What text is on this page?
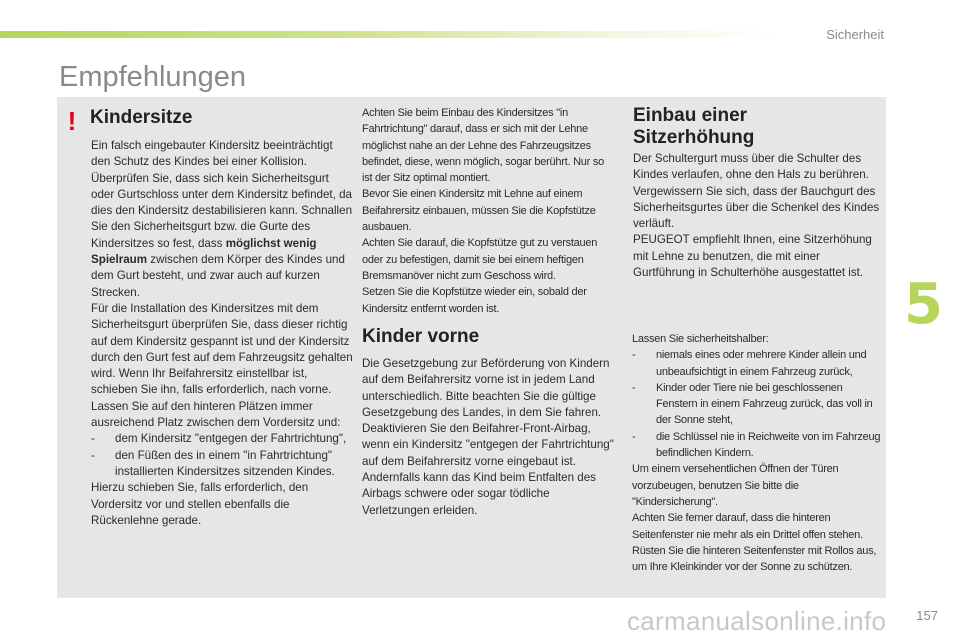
Sicherheit
Empfehlungen
! Kindersitze

Ein falsch eingebauter Kindersitz beeinträchtigt den Schutz des Kindes bei einer Kollision. Überprüfen Sie, dass sich kein Sicherheitsgurt oder Gurtschloss unter dem Kindersitz befindet, da dies den Kindersitz destabilisieren kann. Schnallen Sie den Sicherheitsgurt bzw. die Gurte des Kindersitzes so fest, dass möglichst wenig Spielraum zwischen dem Körper des Kindes und dem Gurt besteht, und zwar auch auf kurzen Strecken.

Für die Installation des Kindersitzes mit dem Sicherheitsgurt überprüfen Sie, dass dieser richtig auf dem Kindersitz gespannt ist und der Kindersitz durch den Gurt fest auf dem Fahrzeugsitz gehalten wird. Wenn Ihr Beifahrersitz einstellbar ist, schieben Sie ihn, falls erforderlich, nach vorne.

Lassen Sie auf den hinteren Plätzen immer ausreichend Platz zwischen dem Vordersitz und:

- dem Kindersitz "entgegen der Fahrtrichtung",
- den Füßen des in einem "in Fahrtrichtung" installierten Kindersitzes sitzenden Kindes.

Hierzu schieben Sie, falls erforderlich, den Vordersitz vor und stellen ebenfalls die Rückenlehne gerade.

Achten Sie beim Einbau des Kindersitzes "in Fahrtrichtung" darauf, dass er sich mit der Lehne möglichst nahe an der Lehne des Fahrzeugsitzes befindet, diese, wenn möglich, sogar berührt. Nur so ist der Sitz optimal montiert.

Bevor Sie einen Kindersitz mit Lehne auf einem Beifahrersitz einbauen, müssen Sie die Kopfstütze ausbauen.

Achten Sie darauf, die Kopfstütze gut zu verstauen oder zu befestigen, damit sie bei einem heftigen Bremsmanöver nicht zum Geschoss wird.

Setzen Sie die Kopfstütze wieder ein, sobald der Kindersitz entfernt worden ist.

Kinder vorne

Die Gesetzgebung zur Beförderung von Kindern auf dem Beifahrersitz vorne ist in jedem Land unterschiedlich. Bitte beachten Sie die gültige Gesetzgebung des Landes, in dem Sie fahren.

Deaktivieren Sie den Beifahrer-Front-Airbag, wenn ein Kindersitz "entgegen der Fahrtrichtung" auf dem Beifahrersitz vorne eingebaut ist. Andernfalls kann das Kind beim Entfalten des Airbags schwere oder sogar tödliche Verletzungen erleiden.

Einbau einer
Sitzerhöhung

Der Schultergurt muss über die Schulter des Kindes verlaufen, ohne den Hals zu berühren. Vergewissern Sie sich, dass der Bauchgurt des Sicherheitsgurtes über die Schenkel des Kindes verläuft.

PEUGEOT empfiehlt Ihnen, eine Sitzerhöhung mit Lehne zu benutzen, die mit einer Gurtführung in Schulterhöhe ausgestattet ist.

Lassen Sie sicherheitshalber:

- niemals eines oder mehrere Kinder allein und unbeaufsichtigt in einem Fahrzeug zurück,
- Kinder oder Tiere nie bei geschlossenen Fenstern in einem Fahrzeug zurück, das voll in der Sonne steht,
- die Schlüssel nie in Reichweite von im Fahrzeug befindlichen Kindern.

Um einem versehentlichen Öffnen der Türen vorzubeugen, benutzen Sie bitte die "Kindersicherung".

Achten Sie ferner darauf, dass die hinteren Seitenfenster nie mehr als ein Drittel offen stehen.

Rüsten Sie die hinteren Seitenfenster mit Rollos aus, um Ihre Kleinkinder vor der Sonne zu schützen.

5
carmanualsonline.info 157
